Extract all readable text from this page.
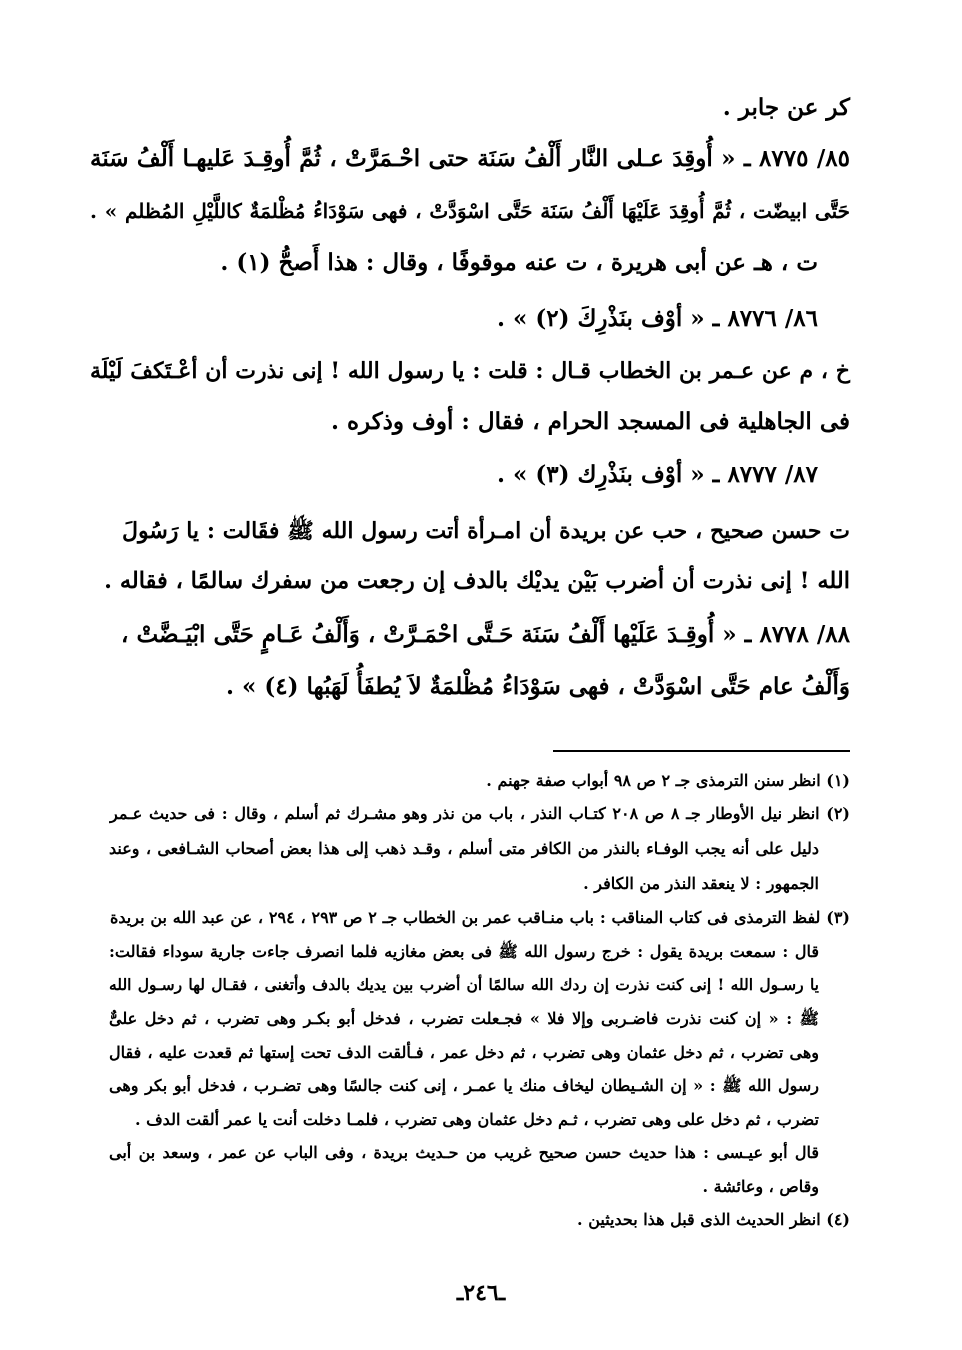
كر عن جابر .
٨٥/ ٨٧٧٥ ـ « أُوقِدَ عـلى النَّار أَلْفُ سَنَة حتى احْـمَرَّتْ ، ثُمَّ أُوقِـدَ عَليهـا أَلْفُ سَنَة
حَتَّى ابيضّت ، ثُمَّ أُوقِدَ عَلَيْهَا أَلْفُ سَنَة حَتَّى اسْوَدَّتْ ، فهى سَوْدَاءُ مُظْلمَةٌ كاللَّيْلِ المُظلم » .
ت ، هـ عن أبى هريرة ، ت عنه موقوفًا ، وقال : هذا أَصحُّ (١) .
٨٦/ ٨٧٧٦ ـ « أوْف بنَذْرِكَ (٢) » .
خ ، م عن عـمر بن الخطاب قـال : قلت : يا رسول الله ! إنى نذرت أن أعْـتَكفَ لَيْلَة
فى الجاهلية فى المسجد الحرام ، فقال : أوف وذكره .
٨٧/ ٨٧٧٧ ـ « أوْف بنَذْرِك (٣) » .
ت حسن صحيح ، حب عن بريدة أن امـرأة أتت رسول الله ﷺ فقَالت : يا رَسُولَ
الله ! إنى نذرت أن أضرب بَيْن يديْك بالدف إن رجعت من سفرك سالمًا ، فقاله .
٨٨/ ٨٧٧٨ ـ « أُوقِـدَ عَلَيْها أَلْفُ سَنَة حَـتَّى احْمَـرَّتْ ، وَأَلْفُ عَـامٍ حَتَّى ابْيَـضَّتْ ،
وَأَلْفُ عام حَتَّى اسْوَدَّتْ ، فهى سَوْدَاءُ مُظْلمَةٌ لاَ يُطفَأُ لَهَبُها (٤) » .
(١) انظر سنن الترمذى جـ ٢ ص ٩٨ أبواب صفة جهنم .
(٢) انظر نيل الأوطار جـ ٨ ص ٢٠٨ كتـاب النذر ، باب من نذر وهو مشـرك ثم أسلم ، وقال : فى حديث عـمر
دليل على أنه يجب الوفـاء بالنذر من الكافر متى أسلم ، وقـد ذهب إلى هذا بعض أصحاب الشـافعى ، وعند
الجمهور : لا ينعقد النذر من الكافر .
(٣) لفظ الترمذى فى كتاب المناقب : باب منـاقب عمر بن الخطاب جـ ٢ ص ٢٩٣ ، ٢٩٤ ، عن عبد الله بن بريدة
قال : سمعت بريدة يقول : خرج رسول الله ﷺ فى بعض مغازيه فلما انصرف جاءت جارية سوداء فقالت:
يا رسـول الله ! إنى كنت نذرت إن ردك الله سالمًا أن أضرب بين يديك بالدف وأتغنى ، فقـال لها رسـول الله
ﷺ : « إن كنت نذرت فاضـربى وإلا فلا » فجـعلت تضرب ، فدخل أبو بكـر وهى تضرب ، ثم دخل علىٌّ
وهى تضرب ، ثم دخل عثمان وهى تضرب ، ثم دخل عمر ، فـألقت الدف تحت إستها ثم قعدت عليه ، فقال
رسول الله ﷺ : « إن الشـيطان ليخاف منك يا عمـر ، إنى كنت جالسًا وهى تضـرب ، فدخل أبو بكر وهى
تضرب ، ثم دخل على وهى تضرب ، ثـم دخل عثمان وهى تضرب ، فلمـا دخلت أنت يا عمر ألقت الدف .
قال أبو عيـسى : هذا حديث حسن صحيح غريب من حـديث بريدة ، وفى الباب عن عمر ، وسعد بن أبى
وقاص ، وعائشة .
(٤) انظر الحديث الذى قبل هذا بحديثين .
ـ٢٤٦ـ
